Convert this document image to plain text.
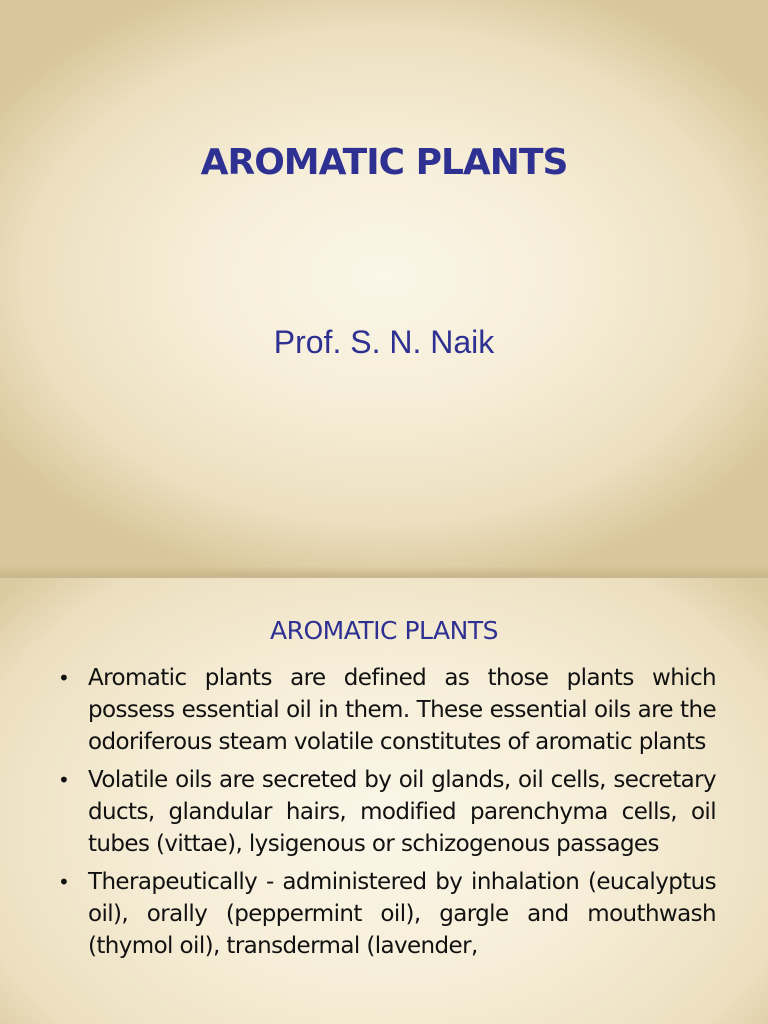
AROMATIC PLANTS
Prof. S. N. Naik
AROMATIC PLANTS
• Aromatic plants are defined as those plants which possess essential oil in them. These essential oils are the odoriferous steam volatile constitutes of aromatic plants
• Volatile oils are secreted by oil glands, oil cells, secretary ducts, glandular hairs, modified parenchyma cells, oil tubes (vittae), lysigenous or schizogenous passages
• Therapeutically - administered by inhalation (eucalyptus oil), orally (peppermint oil), gargle and mouthwash (thymol oil), transdermal (lavender,
